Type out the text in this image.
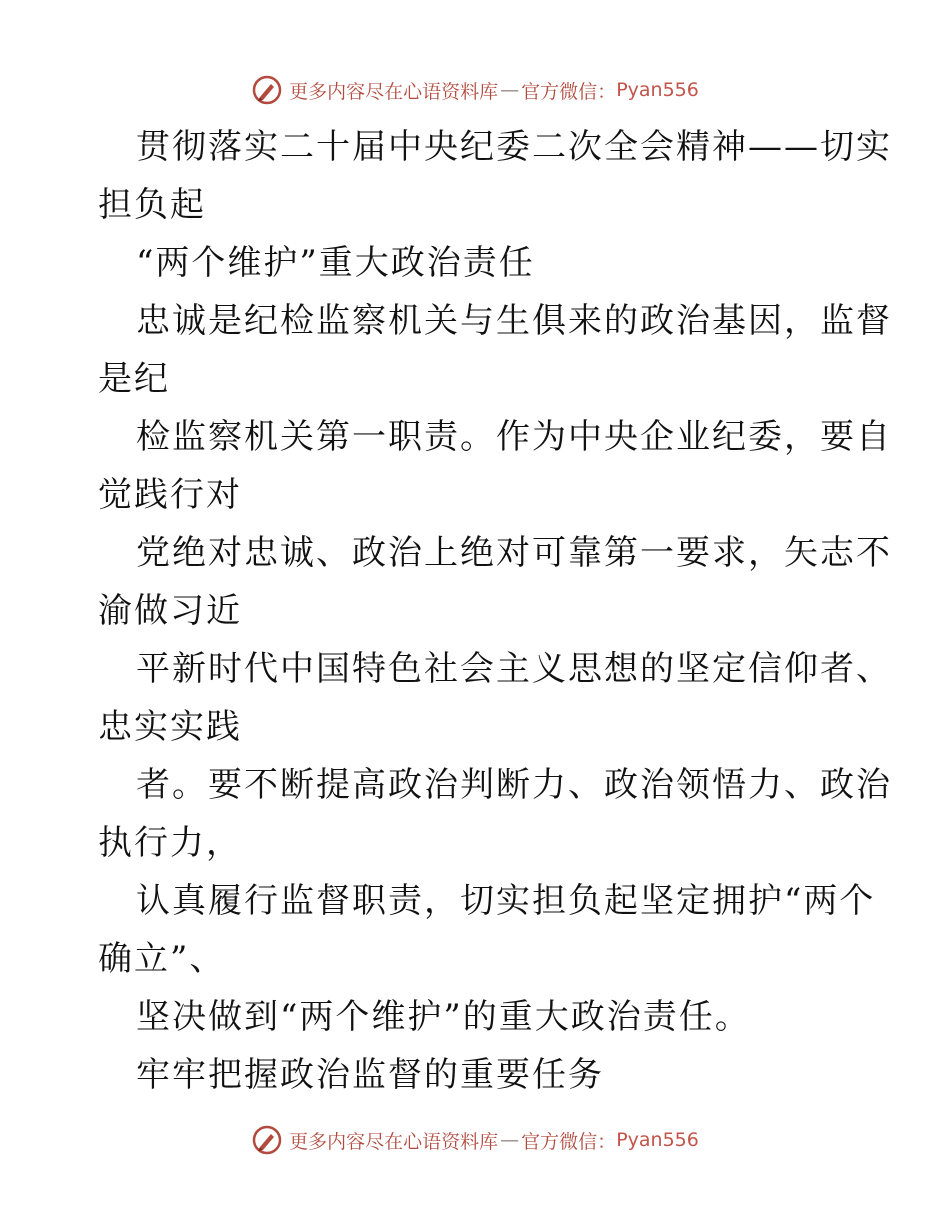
更多内容尽在心语资料库 — 官方微信： Pyan556
贯彻落实二十届中央纪委二次全会精神——切实
担负起
“两个维护”重大政治责任
忠诚是纪检监察机关与生俱来的政治基因，监督
是纪
检监察机关第一职责。作为中央企业纪委，要自
觉践行对
党绝对忠诚、政治上绝对可靠第一要求，矢志不
渝做习近
平新时代中国特色社会主义思想的坚定信仰者、
忠实实践
者。要不断提高政治判断力、政治领悟力、政治
执行力，
认真履行监督职责，切实担负起坚定拥护“两个
确立”、
坚决做到“两个维护”的重大政治责任。
牢牢把握政治监督的重要任务
更多内容尽在心语资料库 — 官方微信： Pyan556
